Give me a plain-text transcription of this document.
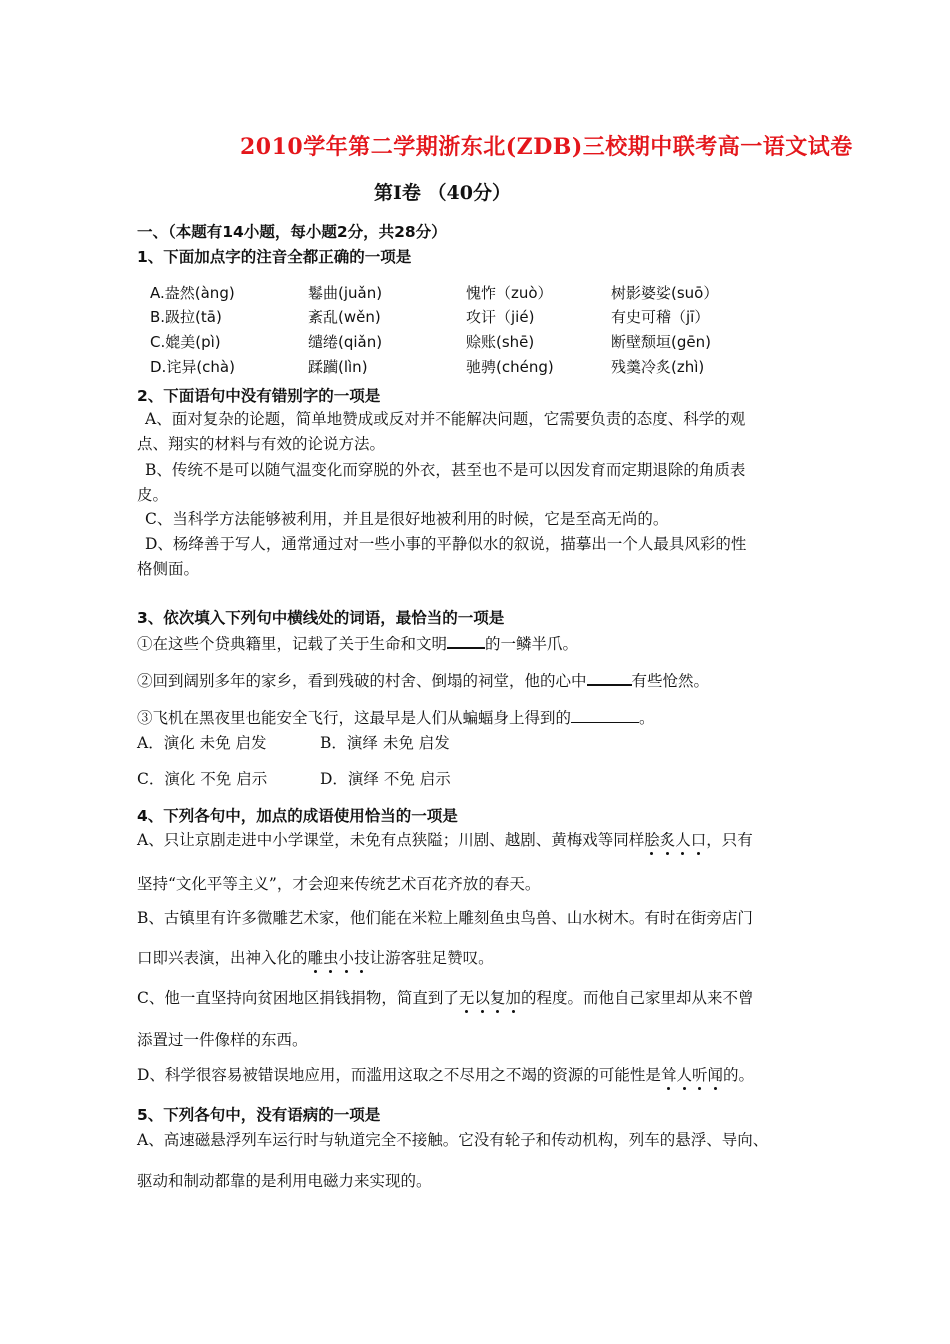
2010学年第二学期浙东北(ZDB)三校期中联考高一语文试卷
第Ⅰ卷 （40分）
一、（本题有14小题，每小题2分，共28分）
1、下面加点字的注音全都正确的一项是
A.盎然(àng)	鬈曲(juǎn)	愧怍（zuò）	树影婆娑(suō）
B.趿拉(tā)	紊乱(wěn)	攻讦（jié)	有史可稽（jī）
C.媲美(pì)	缱绻(qiǎn)	赊账(shē)	断壁颓垣(gēn)
D.诧异(chà)	蹂躏(lìn)	驰骋(chéng)	残羹冷炙(zhì)
2、下面语句中没有错别字的一项是
A、面对复杂的论题，简单地赞成或反对并不能解决问题，它需要负责的态度、科学的观
点、翔实的材料与有效的论说方法。
B、传统不是可以随气温变化而穿脱的外衣，甚至也不是可以因发育而定期退除的角质表
皮。
C、当科学方法能够被利用，并且是很好地被利用的时候，它是至高无尚的。
D、杨绛善于写人，通常通过对一些小事的平静似水的叙说，描摹出一个人最具风彩的性
格侧面。
3、依次填入下列句中横线处的词语，最恰当的一项是
①在这些个贷典籍里，记载了关于生命和文明 的一鳞半爪。
②回到阔别多年的家乡，看到残破的村舍、倒塌的祠堂，他的心中	有些怆然。
③飞机在黑夜里也能安全飞行，这最早是人们从蝙蝠身上得到的	。
A．演化 未免 启发	B．演绎 未免 启发
C．演化 不免 启示	D．演绎 不免 启示
4、下列各句中，加点的成语使用恰当的一项是
A、只让京剧走进中小学课堂，未免有点狭隘；川剧、越剧、黄梅戏等同样脍炙人口，只有
坚持“文化平等主义”，才会迎来传统艺术百花齐放的春天。
B、古镇里有许多微雕艺术家，他们能在米粒上雕刻鱼虫鸟兽、山水树木。有时在街旁店门
口即兴表演，出神入化的雕虫小技让游客驻足赞叹。
C、他一直坚持向贫困地区捐钱捐物，简直到了无以复加的程度。而他自己家里却从来不曾
添置过一件像样的东西。
D、科学很容易被错误地应用，而滥用这取之不尽用之不竭的资源的可能性是耸人听闻的。
5、下列各句中，没有语病的一项是
A、高速磁悬浮列车运行时与轨道完全不接触。它没有轮子和传动机构，列车的悬浮、导向、
驱动和制动都靠的是利用电磁力来实现的。
